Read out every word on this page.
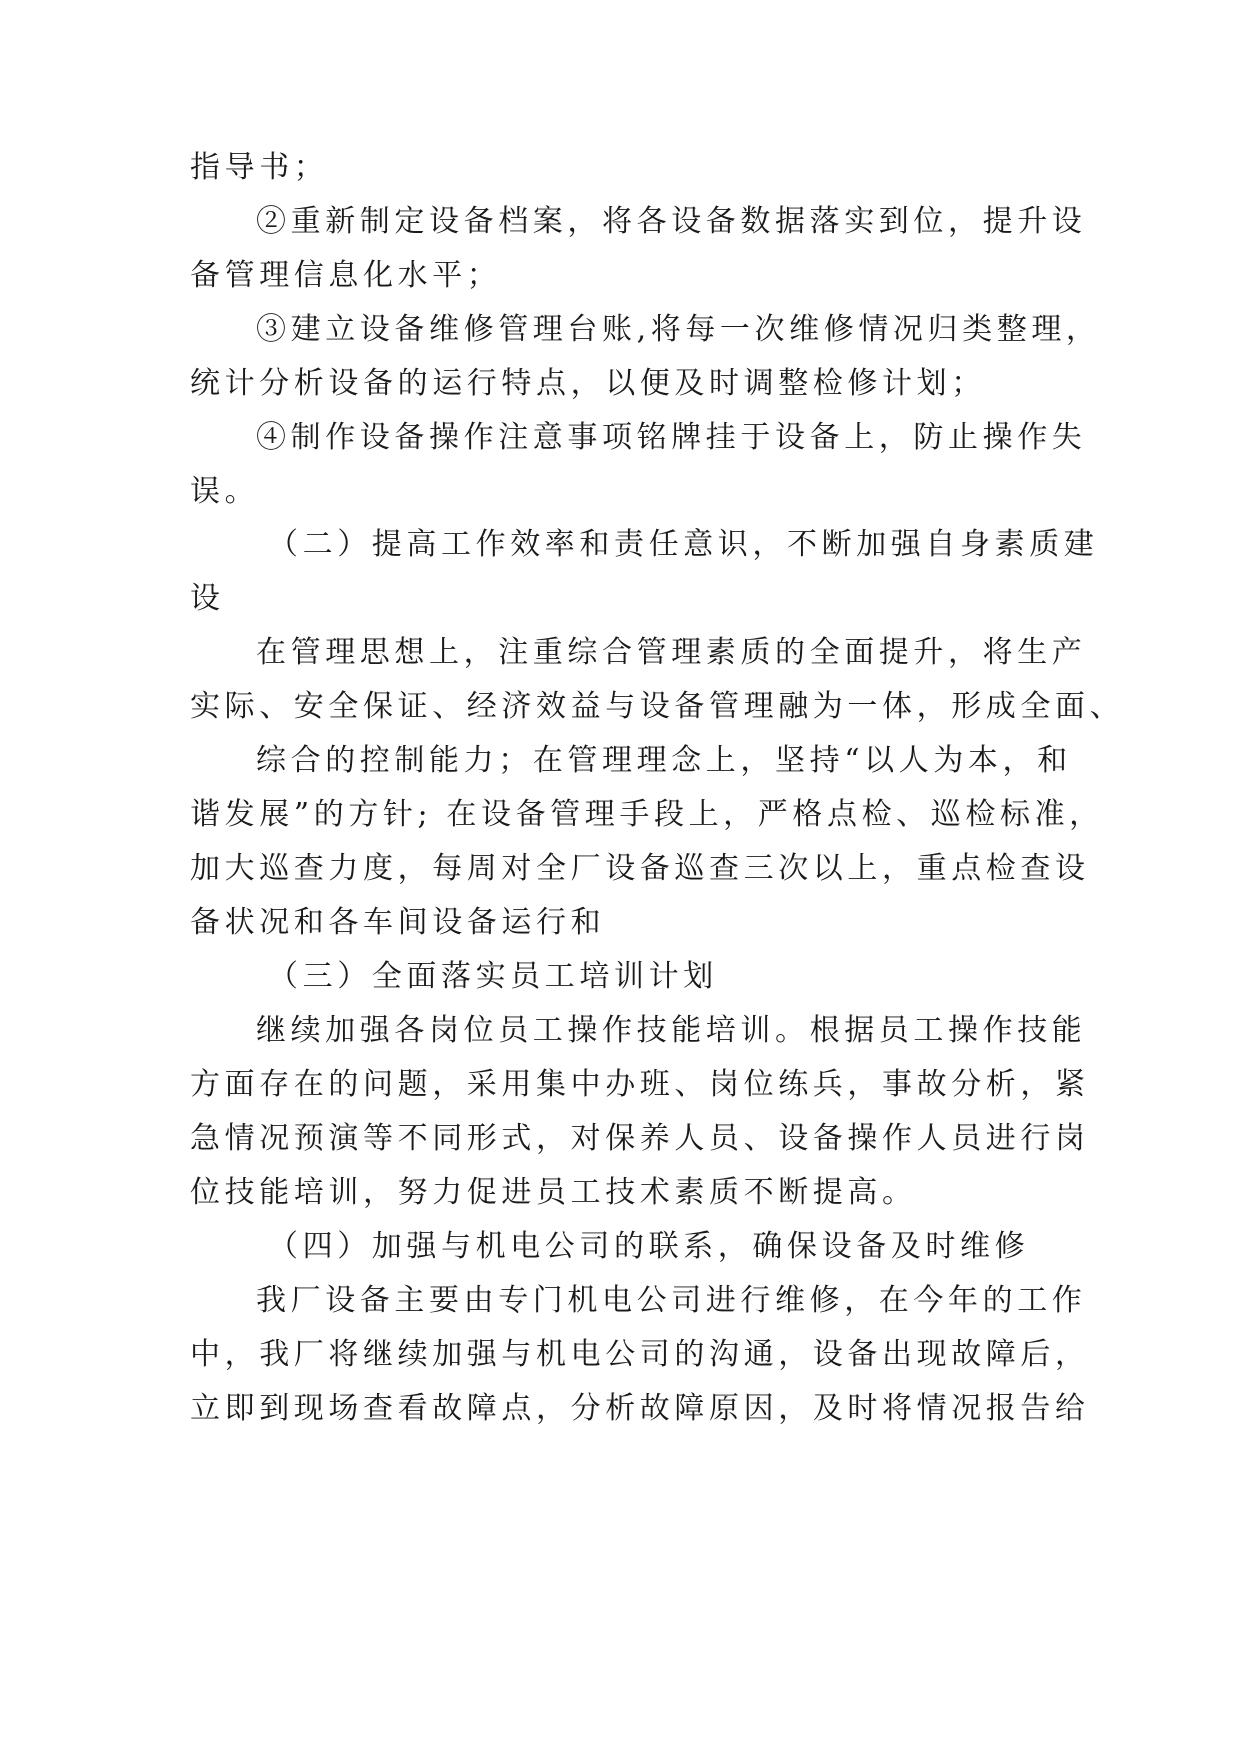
指导书；
②重新制定设备档案，将各设备数据落实到位，提升设
备管理信息化水平；
③建立设备维修管理台账,将每一次维修情况归类整理，
统计分析设备的运行特点，以便及时调整检修计划；
④制作设备操作注意事项铭牌挂于设备上，防止操作失
误。
（二）提高工作效率和责任意识，不断加强自身素质建
设
在管理思想上，注重综合管理素质的全面提升，将生产
实际、安全保证、经济效益与设备管理融为一体，形成全面、
综合的控制能力；在管理理念上，坚持“以人为本，和
谐发展”的方针; 在设备管理手段上，严格点检、巡检标准，
加大巡查力度，每周对全厂设备巡查三次以上，重点检查设
备状况和各车间设备运行和
（三）全面落实员工培训计划
继续加强各岗位员工操作技能培训。根据员工操作技能
方面存在的问题，采用集中办班、岗位练兵，事故分析，紧
急情况预演等不同形式，对保养人员、设备操作人员进行岗
位技能培训，努力促进员工技术素质不断提高。
（四）加强与机电公司的联系，确保设备及时维修
我厂设备主要由专门机电公司进行维修，在今年的工作
中，我厂将继续加强与机电公司的沟通，设备出现故障后，
立即到现场查看故障点，分析故障原因，及时将情况报告给
